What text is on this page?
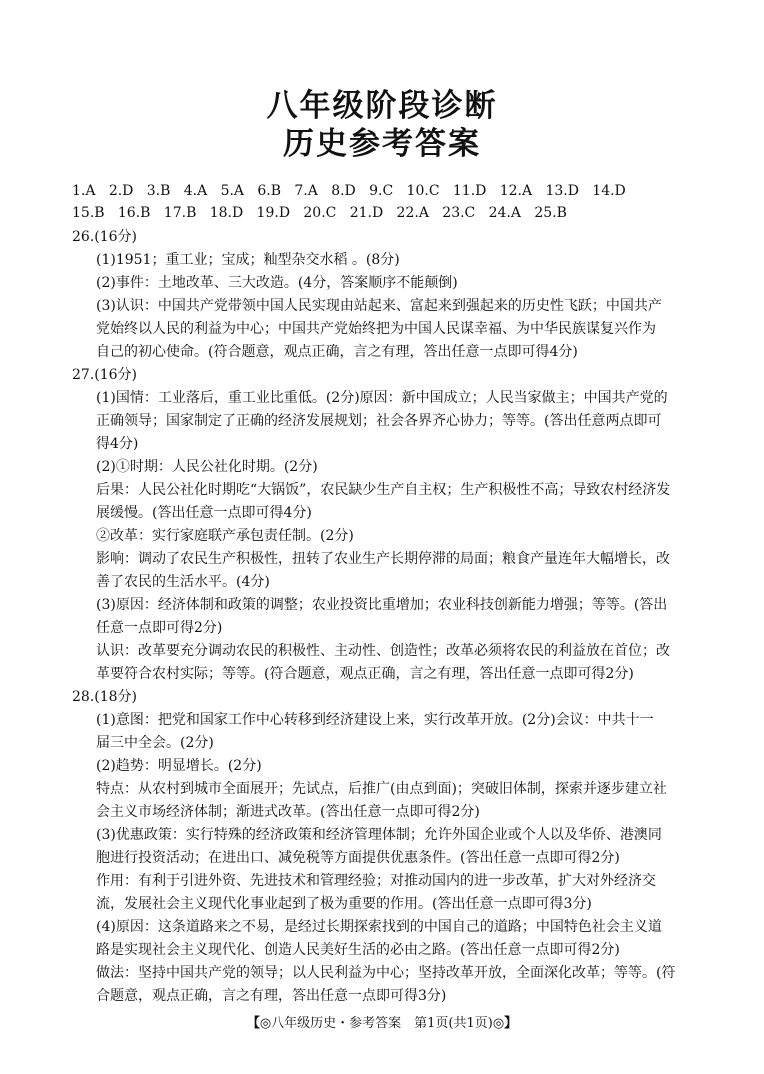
八年级阶段诊断
历史参考答案
1.A   2.D   3.B   4.A   5.A   6.B   7.A   8.D   9.C   10.C   11.D   12.A   13.D   14.D
15.B   16.B   17.B   18.D   19.D   20.C   21.D   22.A   23.C   24.A   25.B
26.(16分)
(1)1951；重工业；宝成；籼型杂交水稻 。(8分)
(2)事件：土地改革、三大改造。(4分，答案顺序不能颠倒)
(3)认识：中国共产党带领中国人民实现由站起来、富起来到强起来的历史性飞跃；中国共产
党始终以人民的利益为中心；中国共产党始终把为中国人民谋幸福、为中华民族谋复兴作为
自己的初心使命。(符合题意，观点正确，言之有理，答出任意一点即可得4分)
27.(16分)
(1)国情：工业落后，重工业比重低。(2分)原因：新中国成立；人民当家做主；中国共产党的
正确领导；国家制定了正确的经济发展规划；社会各界齐心协力；等等。(答出任意两点即可
得4分)
(2)①时期：人民公社化时期。(2分)
后果：人民公社化时期吃“大锅饭”，农民缺少生产自主权；生产积极性不高；导致农村经济发
展缓慢。(答出任意一点即可得4分)
②改革：实行家庭联产承包责任制。(2分)
影响：调动了农民生产积极性，扭转了农业生产长期停滞的局面；粮食产量连年大幅增长，改
善了农民的生活水平。(4分)
(3)原因：经济体制和政策的调整；农业投资比重增加；农业科技创新能力增强；等等。(答出
任意一点即可得2分)
认识：改革要充分调动农民的积极性、主动性、创造性；改革必须将农民的利益放在首位；改
革要符合农村实际；等等。(符合题意，观点正确，言之有理，答出任意一点即可得2分)
28.(18分)
(1)意图：把党和国家工作中心转移到经济建设上来，实行改革开放。(2分)会议：中共十一
届三中全会。(2分)
(2)趋势：明显增长。(2分)
特点：从农村到城市全面展开；先试点，后推广(由点到面)；突破旧体制，探索并逐步建立社
会主义市场经济体制；渐进式改革。(答出任意一点即可得2分)
(3)优惠政策：实行特殊的经济政策和经济管理体制；允许外国企业或个人以及华侨、港澳同
胞进行投资活动；在进出口、减免税等方面提供优惠条件。(答出任意一点即可得2分)
作用：有利于引进外资、先进技术和管理经验；对推动国内的进一步改革，扩大对外经济交
流，发展社会主义现代化事业起到了极为重要的作用。(答出任意一点即可得3分)
(4)原因：这条道路来之不易，是经过长期探索找到的中国自己的道路；中国特色社会主义道
路是实现社会主义现代化、创造人民美好生活的必由之路。(答出任意一点即可得2分)
做法：坚持中国共产党的领导；以人民利益为中心；坚持改革开放，全面深化改革；等等。(符
合题意，观点正确，言之有理，答出任意一点即可得3分)
【◎八年级历史・参考答案　第1页(共1页)◎】
